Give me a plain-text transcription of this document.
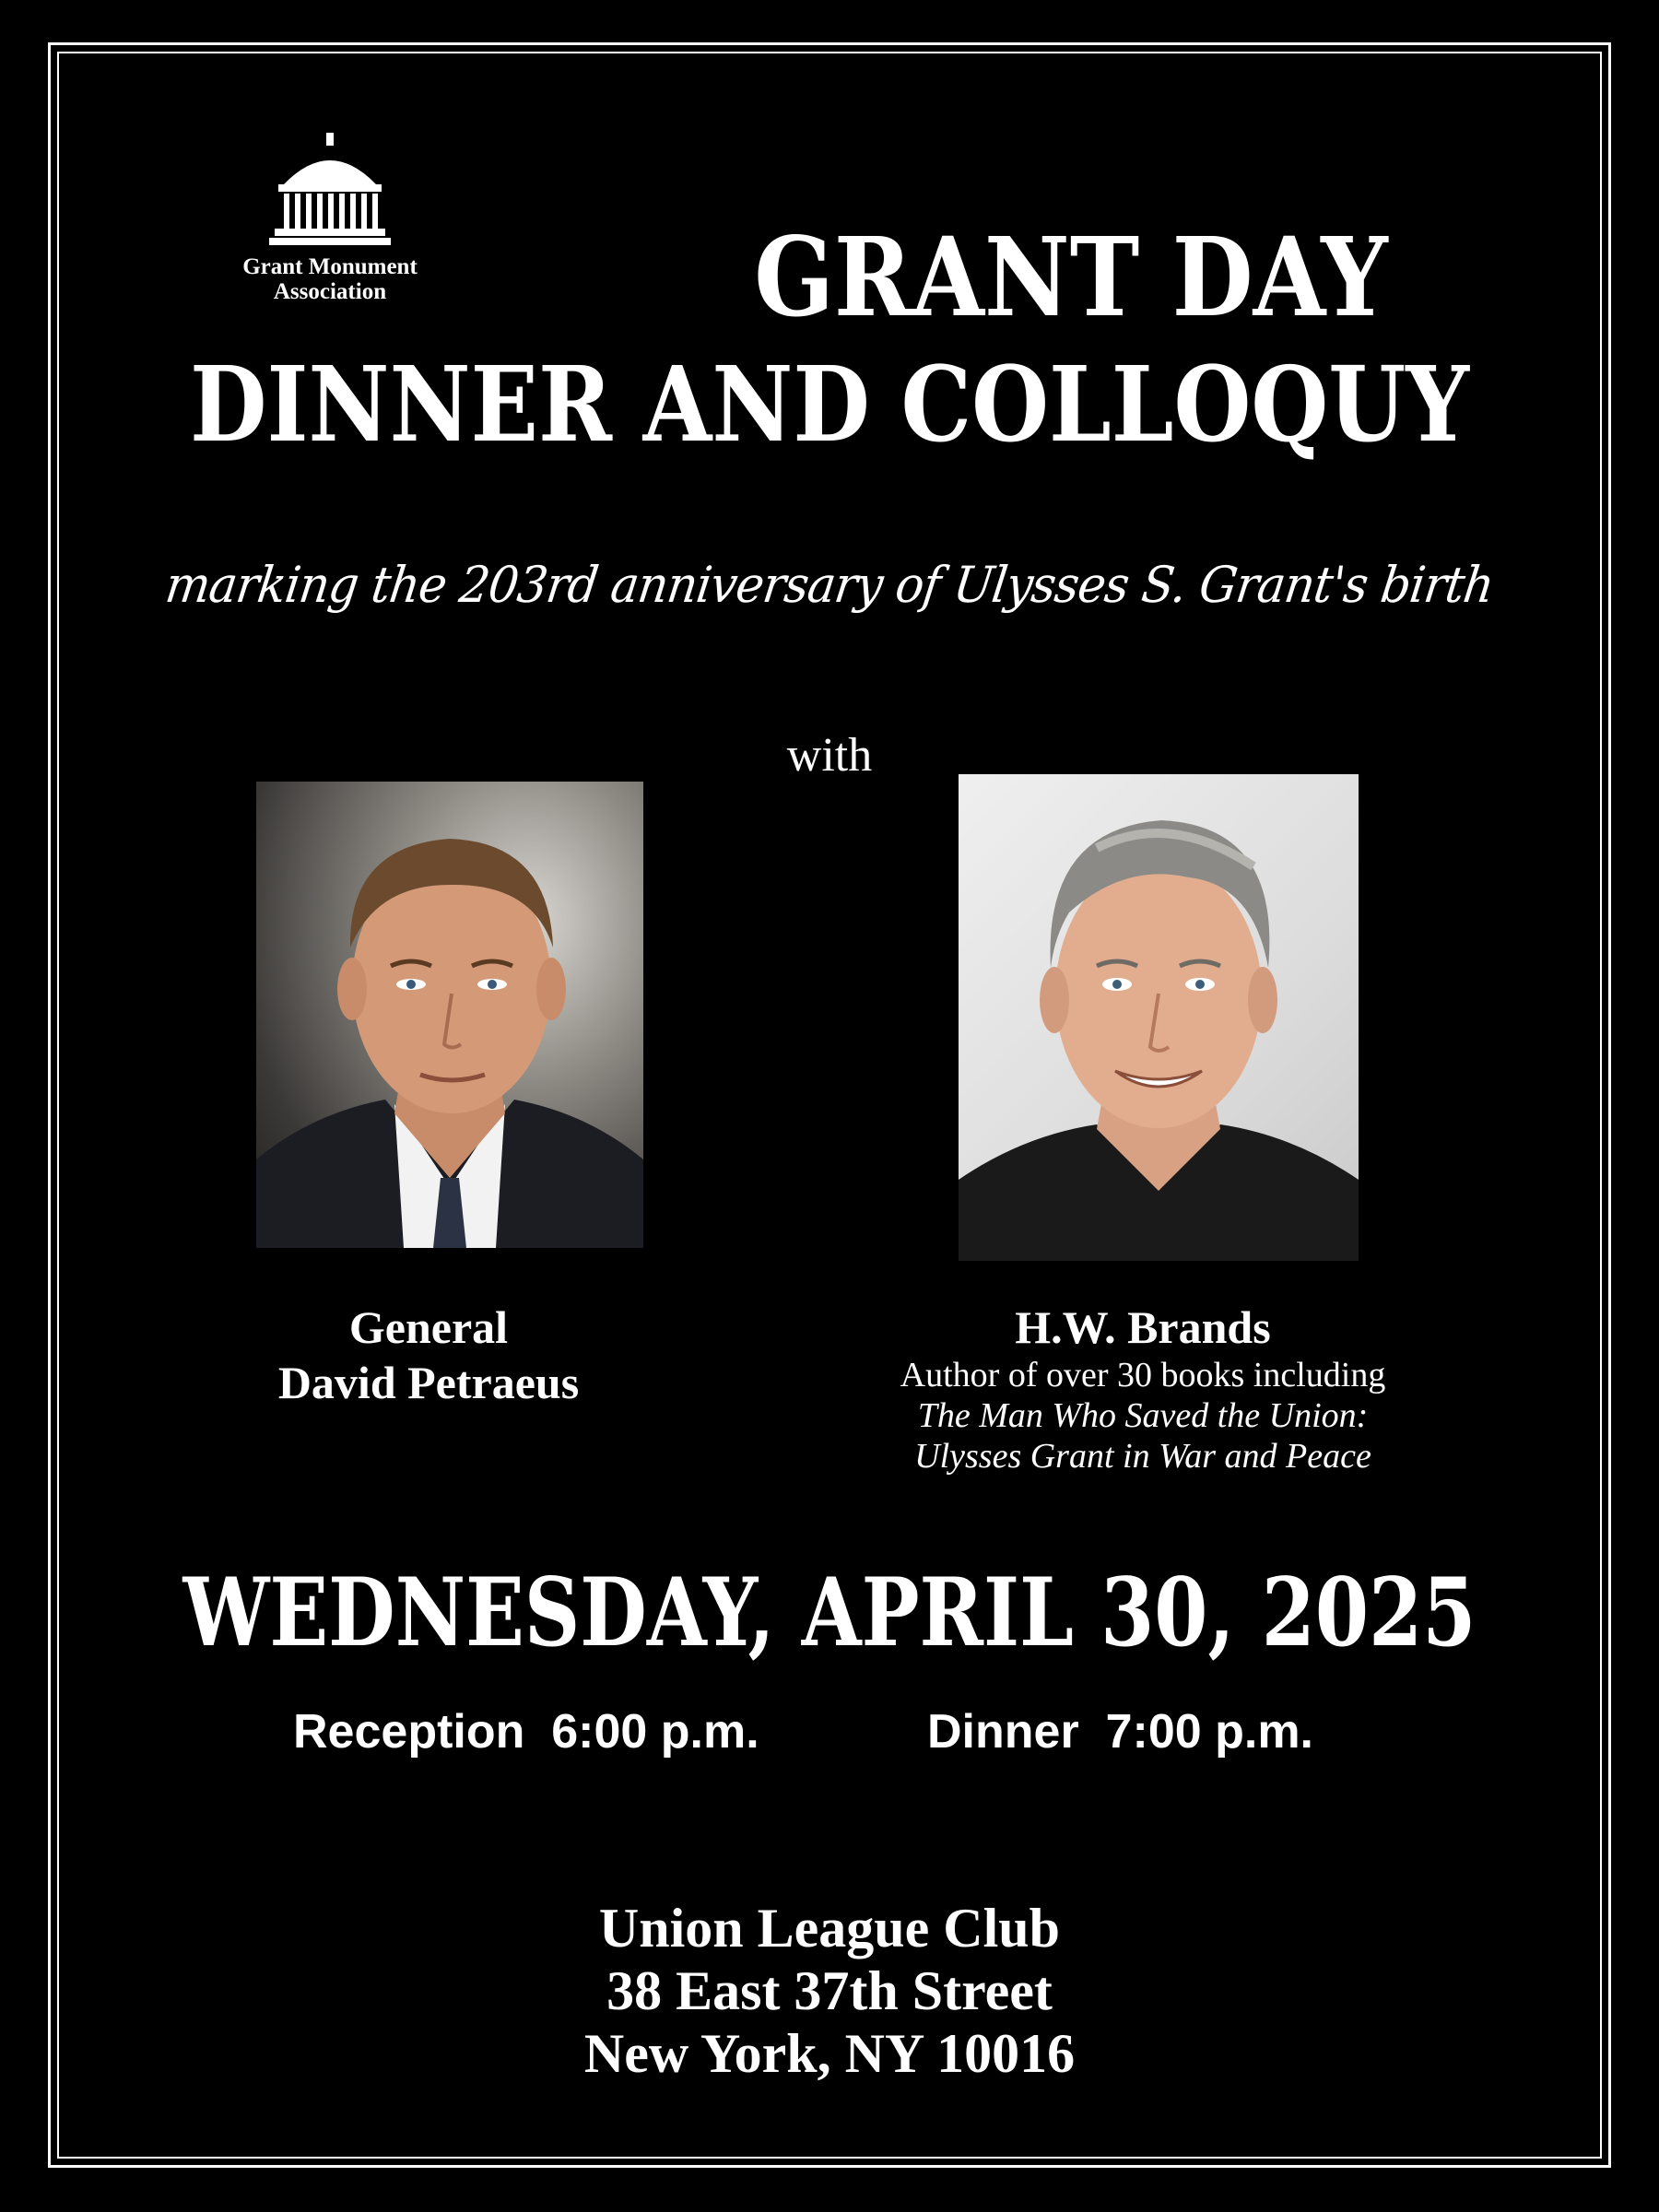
Grant Monument
Association	GRANT DAY
DINNER AND COLLOQUY
marking the 203rd anniversary of Ulysses S. Grant's birth
with
General
David Petraeus
H.W. Brands
Author of over 30 books including
The Man Who Saved the Union:
Ulysses Grant in War and Peace
WEDNESDAY, APRIL 30, 2025
Reception  6:00 p.m.	Dinner  7:00 p.m.
Union League Club
38 East 37th Street
New York, NY 10016
